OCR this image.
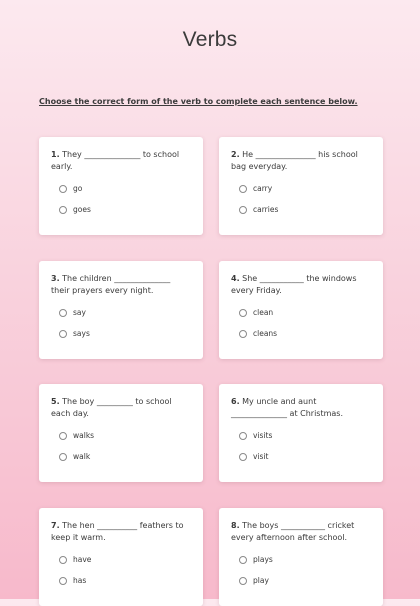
Verbs
Choose the correct form of the verb to complete each sentence below.
1. They ______________ to school early.
go
goes
2. He _______________ his school bag everyday.
carry
carries
3. The children ______________ their prayers every night.
say
says
4. She ___________ the windows every Friday.
clean
cleans
5. The boy _________ to school each day.
walks
walk
6. My uncle and aunt ______________ at Christmas.
visits
visit
7. The hen __________ feathers to keep it warm.
have
has
8. The boys ___________ cricket every afternoon after school.
plays
play
